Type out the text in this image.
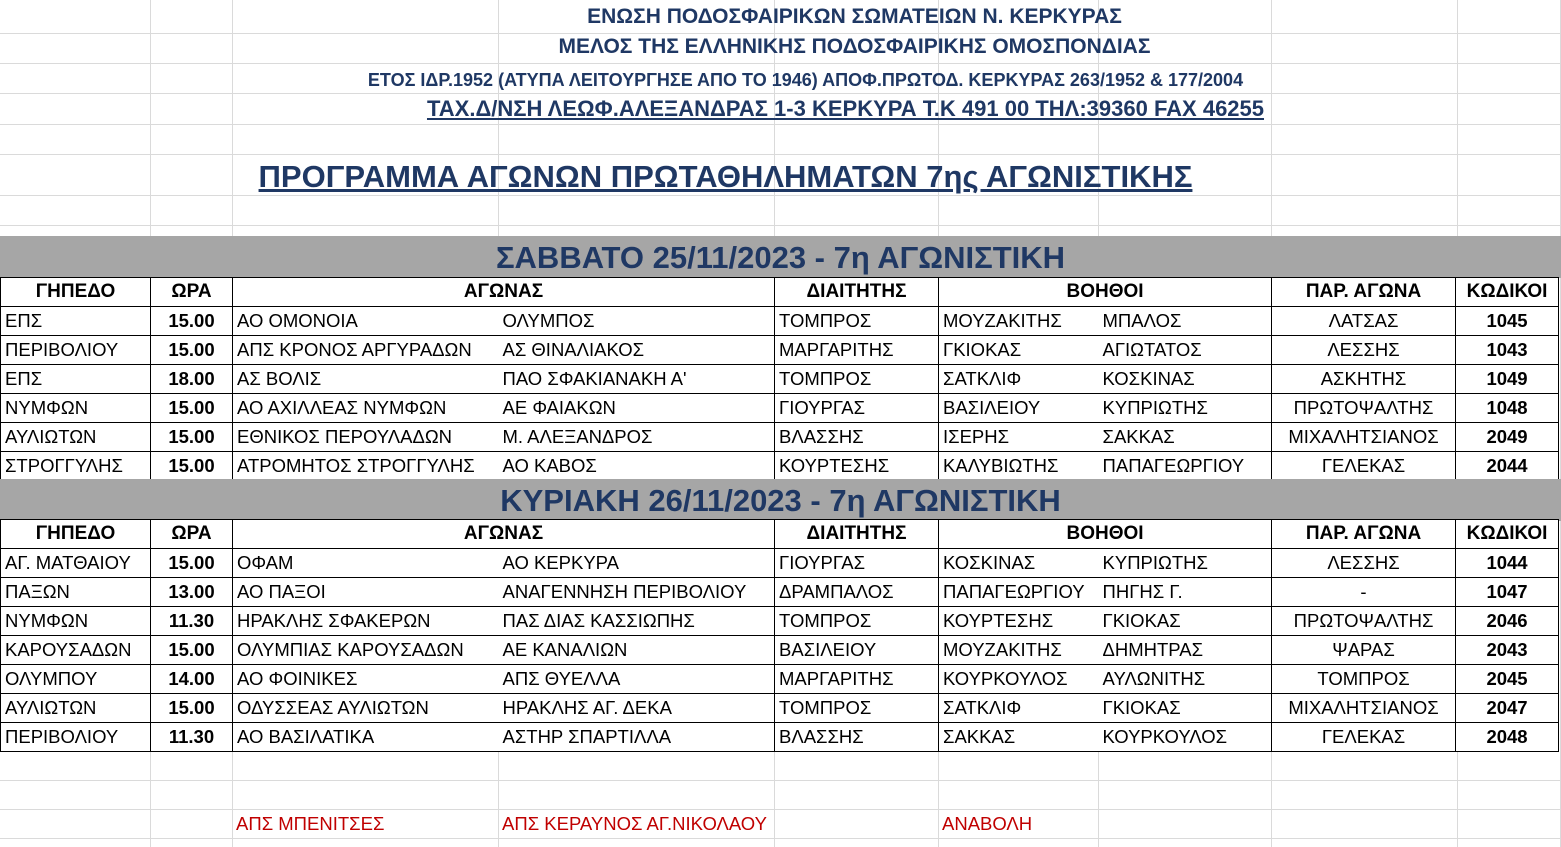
ΕΝΩΣΗ ΠΟΔΟΣΦΑΙΡΙΚΩΝ ΣΩΜΑΤΕΙΩΝ Ν. ΚΕΡΚΥΡΑΣ
ΜΕΛΟΣ ΤΗΣ ΕΛΛΗΝΙΚΗΣ ΠΟΔΟΣΦΑΙΡΙΚΗΣ ΟΜΟΣΠΟΝΔΙΑΣ
ΕΤΟΣ ΙΔΡ.1952 (ΑΤΥΠΑ ΛΕΙΤΟΥΡΓΗΣΕ ΑΠΟ ΤΟ 1946) ΑΠΟΦ.ΠΡΩΤΟΔ. ΚΕΡΚΥΡΑΣ 263/1952 & 177/2004
ΤΑΧ.Δ/ΝΣΗ ΛΕΩΦ.ΑΛΕΞΑΝΔΡΑΣ 1-3 ΚΕΡΚΥΡΑ Τ.Κ 491 00 ΤΗΛ:39360 FAX 46255
ΠΡΟΓΡΑΜΜΑ ΑΓΩΝΩΝ ΠΡΩΤΑΘΗΛΗΜΑΤΩΝ 7ης ΑΓΩΝΙΣΤΙΚΗΣ
ΣΑΒΒΑΤΟ 25/11/2023 - 7η ΑΓΩΝΙΣΤΙΚΗ
ΓΗΠΕΔΟ	ΩΡΑ	ΑΓΩΝΑΣ		ΔΙΑΙΤΗΤΗΣ	ΒΟΗΘΟΙ		ΠΑΡ. ΑΓΩΝΑ	ΚΩΔΙΚΟΙ
ΕΠΣ	15.00	ΑΟ ΟΜΟΝΟΙΑ	ΟΛΥΜΠΟΣ	ΤΟΜΠΡΟΣ	ΜΟΥΖΑΚΙΤΗΣ	ΜΠΑΛΟΣ	ΛΑΤΣΑΣ	1045
ΠΕΡΙΒΟΛΙΟΥ	15.00	ΑΠΣ ΚΡΟΝΟΣ ΑΡΓΥΡΑΔΩΝ	ΑΣ ΘΙΝΑΛΙΑΚΟΣ	ΜΑΡΓΑΡΙΤΗΣ	ΓΚΙΟΚΑΣ	ΑΓΙΩΤΑΤΟΣ	ΛΕΣΣΗΣ	1043
ΕΠΣ	18.00	ΑΣ ΒΟΛΙΣ	ΠΑΟ ΣΦΑΚΙΑΝΑΚΗ Α'	ΤΟΜΠΡΟΣ	ΣΑΤΚΛΙΦ	ΚΟΣΚΙΝΑΣ	ΑΣΚΗΤΗΣ	1049
ΝΥΜΦΩΝ	15.00	ΑΟ ΑΧΙΛΛΕΑΣ ΝΥΜΦΩΝ	ΑΕ ΦΑΙΑΚΩΝ	ΓΙΟΥΡΓΑΣ	ΒΑΣΙΛΕΙΟΥ	ΚΥΠΡΙΩΤΗΣ	ΠΡΩΤΟΨΑΛΤΗΣ	1048
ΑΥΛΙΩΤΩΝ	15.00	ΕΘΝΙΚΟΣ ΠΕΡΟΥΛΑΔΩΝ	Μ. ΑΛΕΞΑΝΔΡΟΣ	ΒΛΑΣΣΗΣ	ΙΣΕΡΗΣ	ΣΑΚΚΑΣ	ΜΙΧΑΛΗΤΣΙΑΝΟΣ	2049
ΣΤΡΟΓΓΥΛΗΣ	15.00	ΑΤΡΟΜΗΤΟΣ ΣΤΡΟΓΓΥΛΗΣ	ΑΟ ΚΑΒΟΣ	ΚΟΥΡΤΕΣΗΣ	ΚΑΛΥΒΙΩΤΗΣ	ΠΑΠΑΓΕΩΡΓΙΟΥ	ΓΕΛΕΚΑΣ	2044
ΚΥΡΙΑΚΗ 26/11/2023 - 7η ΑΓΩΝΙΣΤΙΚΗ
ΓΗΠΕΔΟ	ΩΡΑ	ΑΓΩΝΑΣ		ΔΙΑΙΤΗΤΗΣ	ΒΟΗΘΟΙ		ΠΑΡ. ΑΓΩΝΑ	ΚΩΔΙΚΟΙ
ΑΓ. ΜΑΤΘΑΙΟΥ	15.00	ΟΦΑΜ	ΑΟ ΚΕΡΚΥΡΑ	ΓΙΟΥΡΓΑΣ	ΚΟΣΚΙΝΑΣ	ΚΥΠΡΙΩΤΗΣ	ΛΕΣΣΗΣ	1044
ΠΑΞΩΝ	13.00	ΑΟ ΠΑΞΟΙ	ΑΝΑΓΕΝΝΗΣΗ ΠΕΡΙΒΟΛΙΟΥ	ΔΡΑΜΠΑΛΟΣ	ΠΑΠΑΓΕΩΡΓΙΟΥ	ΠΗΓΗΣ Γ.	-	1047
ΝΥΜΦΩΝ	11.30	ΗΡΑΚΛΗΣ ΣΦΑΚΕΡΩΝ	ΠΑΣ ΔΙΑΣ ΚΑΣΣΙΩΠΗΣ	ΤΟΜΠΡΟΣ	ΚΟΥΡΤΕΣΗΣ	ΓΚΙΟΚΑΣ	ΠΡΩΤΟΨΑΛΤΗΣ	2046
ΚΑΡΟΥΣΑΔΩΝ	15.00	ΟΛΥΜΠΙΑΣ ΚΑΡΟΥΣΑΔΩΝ	ΑΕ ΚΑΝΑΛΙΩΝ	ΒΑΣΙΛΕΙΟΥ	ΜΟΥΖΑΚΙΤΗΣ	ΔΗΜΗΤΡΑΣ	ΨΑΡΑΣ	2043
ΟΛΥΜΠΟΥ	14.00	ΑΟ ΦΟΙΝΙΚΕΣ	ΑΠΣ ΘΥΕΛΛΑ	ΜΑΡΓΑΡΙΤΗΣ	ΚΟΥΡΚΟΥΛΟΣ	ΑΥΛΩΝΙΤΗΣ	ΤΟΜΠΡΟΣ	2045
ΑΥΛΙΩΤΩΝ	15.00	ΟΔΥΣΣΕΑΣ ΑΥΛΙΩΤΩΝ	ΗΡΑΚΛΗΣ ΑΓ. ΔΕΚΑ	ΤΟΜΠΡΟΣ	ΣΑΤΚΛΙΦ	ΓΚΙΟΚΑΣ	ΜΙΧΑΛΗΤΣΙΑΝΟΣ	2047
ΠΕΡΙΒΟΛΙΟΥ	11.30	ΑΟ ΒΑΣΙΛΑΤΙΚΑ	ΑΣΤΗΡ ΣΠΑΡΤΙΛΛΑ	ΒΛΑΣΣΗΣ	ΣΑΚΚΑΣ	ΚΟΥΡΚΟΥΛΟΣ	ΓΕΛΕΚΑΣ	2048
ΑΠΣ ΜΠΕΝΙΤΣΕΣ	ΑΠΣ ΚΕΡΑΥΝΟΣ ΑΓ.ΝΙΚΟΛΑΟΥ	ΑΝΑΒΟΛΗ
